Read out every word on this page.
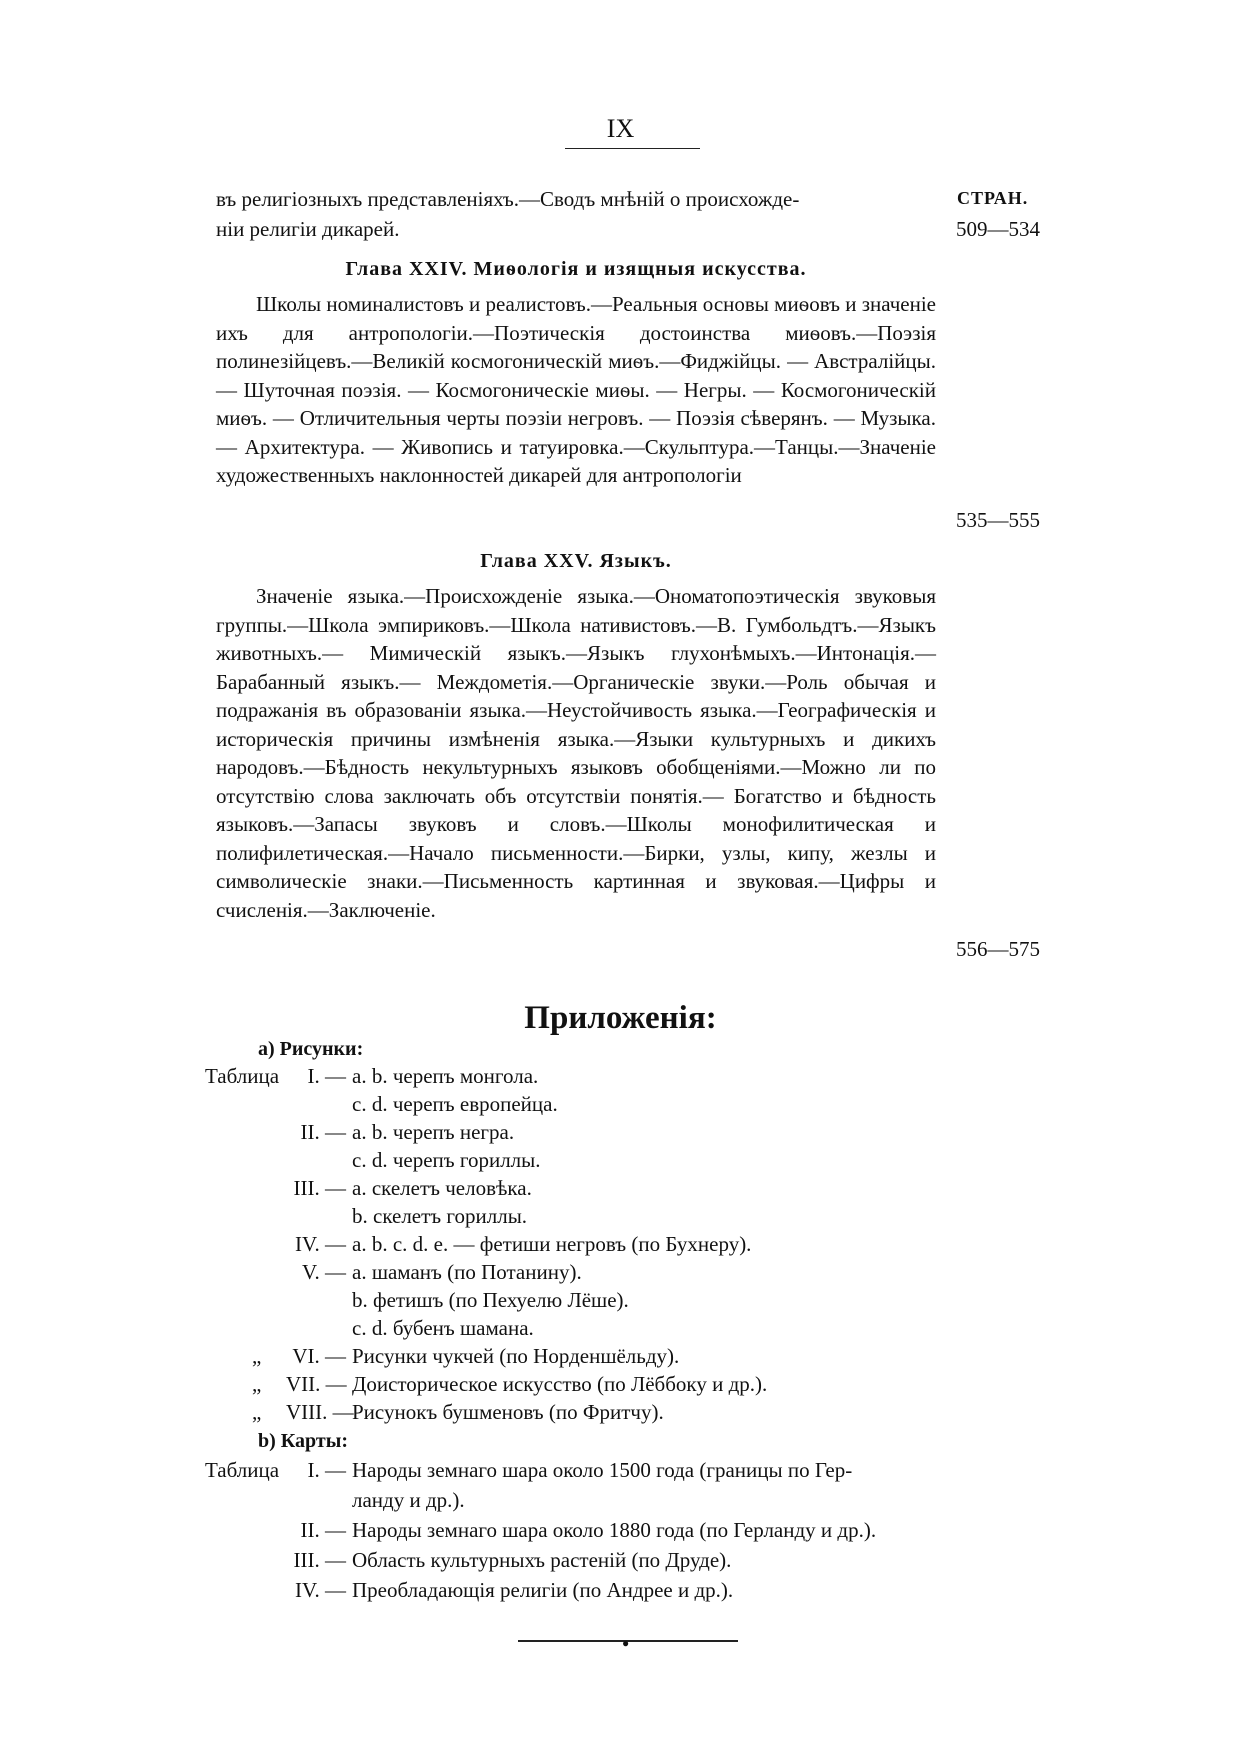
IX
въ религіозныхъ представленіяхъ.—Сводъ мнѣній о происхожде-
ніи религіи дикарей.
СТРАН.
509—534
Глава XXIV. Миѳологія и изящныя искусства.

Школы номиналистовъ и реалистовъ.—Реальныя основы миѳовъ и значеніе ихъ для антропологіи.—Поэтическія достоинства миѳовъ.—Поэзія полинезійцевъ.—Великій космогоническій миѳъ.—Фиджійцы. — Австралійцы. — Шуточная поэзія. — Космогоническіе миѳы. — Негры. — Космогоническій миѳъ. — Отличительныя черты поэзіи негровъ. — Поэзія сѣверянъ. — Музыка. — Архитектура. — Живопись и татуировка.—Скульптура.—Танцы.—Значеніе художественныхъ наклонностей дикарей для антропологіи

535—555
Глава XXV. Языкъ.

Значеніе языка.—Происхожденіе языка.—Ономатопоэтическія звуковыя группы.—Школа эмпириковъ.—Школа нативистовъ.—В. Гумбольдтъ.—Языкъ животныхъ.— Мимическій языкъ.—Языкъ глухонѣмыхъ.—Интонація.—Барабанный языкъ.— Междометія.—Органическіе звуки.—Роль обычая и подражанія въ образованіи языка.—Неустойчивость языка.—Географическія и историческія причины измѣненія языка.—Языки культурныхъ и дикихъ народовъ.—Бѣдность некультурныхъ языковъ обобщеніями.—Можно ли по отсутствію слова заключать объ отсутствіи понятія.— Богатство и бѣдность языковъ.—Запасы звуковъ и словъ.—Школы монофилитическая и полифилетическая.—Начало письменности.—Бирки, узлы, кипу, жезлы и символическіе знаки.—Письменность картинная и звуковая.—Цифры и счисленія.—Заключеніе.

556—575
Приложенія:
а) Рисунки:
Таблица	I. — a. b. черепъ монгола.
c. d. черепъ европейца.
II. — a. b. черепъ негра.
c. d. черепъ гориллы.
III. — a. скелетъ человѣка.
b. скелетъ гориллы.
IV. — a. b. c. d. e. — фетиши негровъ (по Бухнеру).
V. — a. шаманъ (по Потанину).
b. фетишъ (по Пехуелю Лёше).
c. d. бубенъ шамана.
„ VI. — Рисунки чукчей (по Норденшёльду).
„ VII. — Доисторическое искусство (по Лёббоку и др.).
„ VIII. —Рисунокъ бушменовъ (по Фритчу).
b) Карты:
Таблица	I. — Народы земнаго шара около 1500 года (границы по Гер-
ланду и др.).
II. — Народы земнаго шара около 1880 года (по Герланду и др.).
III. — Область культурныхъ растеній (по Друде).
IV. — Преобладающія религіи (по Андрее и др.).
●
